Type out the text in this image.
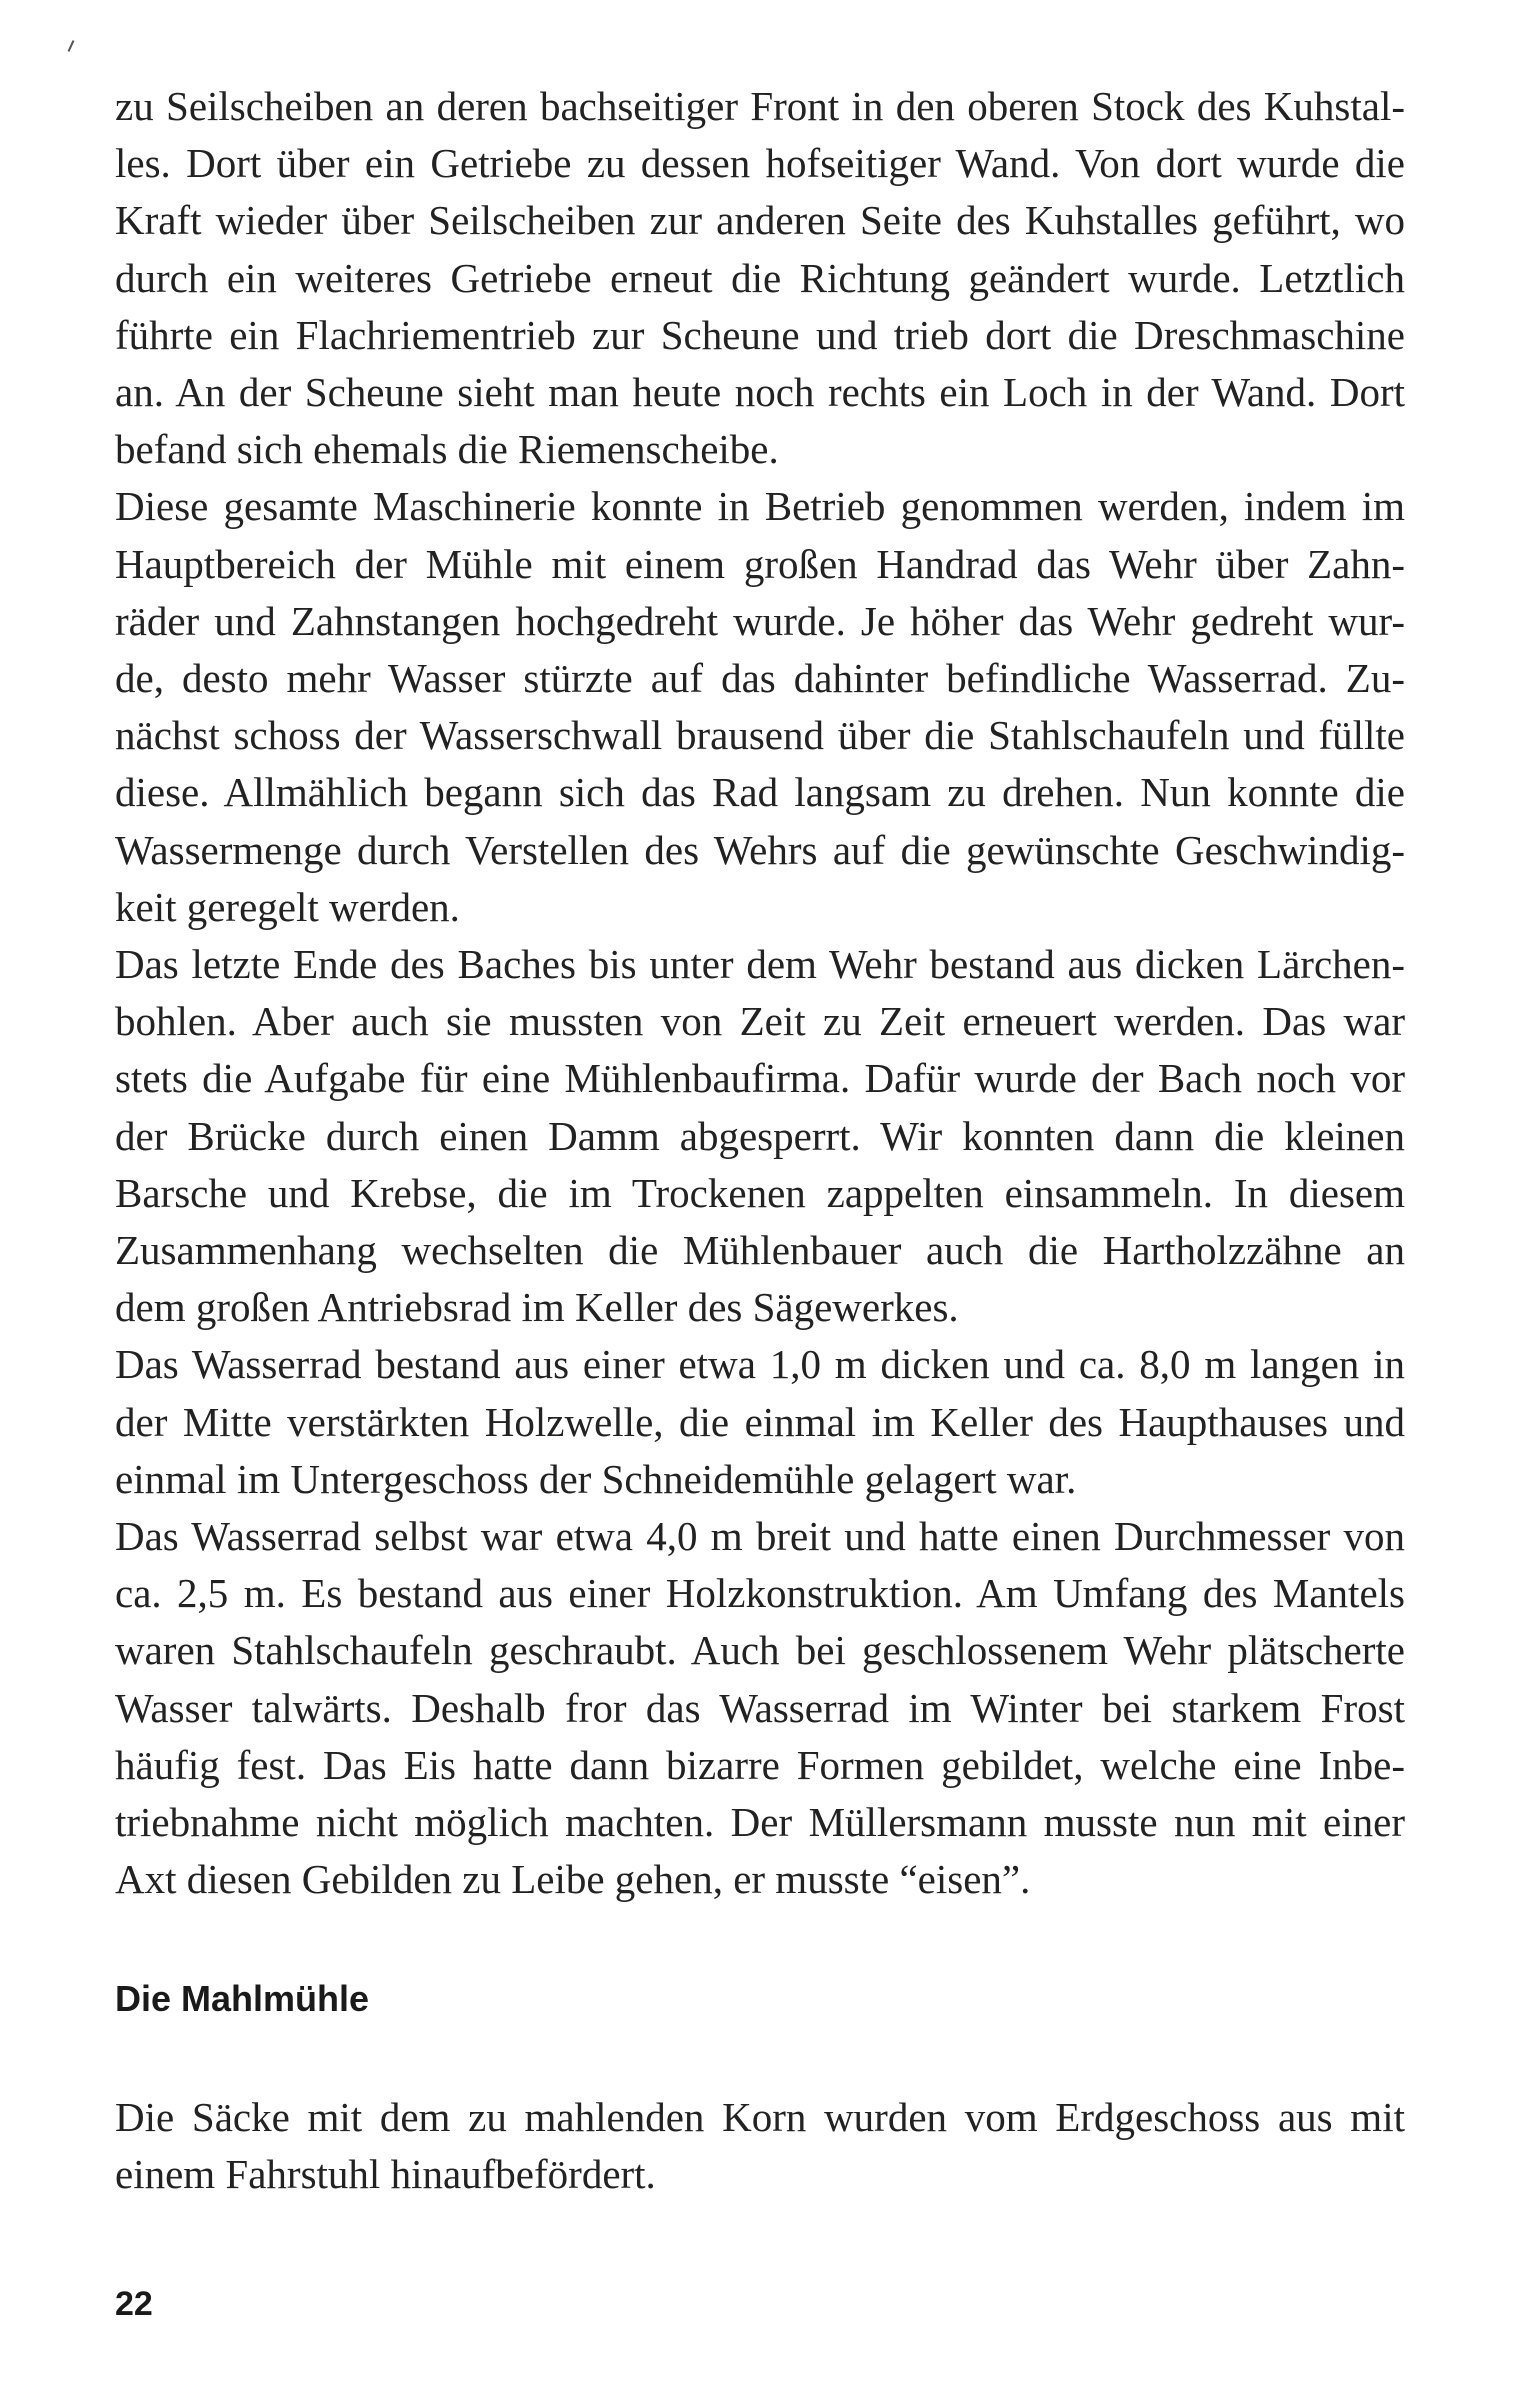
zu Seilscheiben an deren bachseitiger Front in den oberen Stock des Kuhstal-
les. Dort über ein Getriebe zu dessen hofseitiger Wand. Von dort wurde die
Kraft wieder über Seilscheiben zur anderen Seite des Kuhstalles geführt, wo
durch ein weiteres Getriebe erneut die Richtung geändert wurde. Letztlich
führte ein Flachriementrieb zur Scheune und trieb dort die Dreschmaschine
an. An der Scheune sieht man heute noch rechts ein Loch in der Wand. Dort
befand sich ehemals die Riemenscheibe.
Diese gesamte Maschinerie konnte in Betrieb genommen werden, indem im
Hauptbereich der Mühle mit einem großen Handrad das Wehr über Zahn-
räder und Zahnstangen hochgedreht wurde. Je höher das Wehr gedreht wur-
de, desto mehr Wasser stürzte auf das dahinter befindliche Wasserrad. Zu-
nächst schoss der Wasserschwall brausend über die Stahlschaufeln und füllte
diese. Allmählich begann sich das Rad langsam zu drehen. Nun konnte die
Wassermenge durch Verstellen des Wehrs auf die gewünschte Geschwindig-
keit geregelt werden.
Das letzte Ende des Baches bis unter dem Wehr bestand aus dicken Lärchen-
bohlen. Aber auch sie mussten von Zeit zu Zeit erneuert werden. Das war
stets die Aufgabe für eine Mühlenbaufirma. Dafür wurde der Bach noch vor
der Brücke durch einen Damm abgesperrt. Wir konnten dann die kleinen
Barsche und Krebse, die im Trockenen zappelten einsammeln. In diesem
Zusammenhang wechselten die Mühlenbauer auch die Hartholzzähne an
dem großen Antriebsrad im Keller des Sägewerkes.
Das Wasserrad bestand aus einer etwa 1,0 m dicken und ca. 8,0 m langen in
der Mitte verstärkten Holzwelle, die einmal im Keller des Haupthauses und
einmal im Untergeschoss der Schneidemühle gelagert war.
Das Wasserrad selbst war etwa 4,0 m breit und hatte einen Durchmesser von
ca. 2,5 m. Es bestand aus einer Holzkonstruktion. Am Umfang des Mantels
waren Stahlschaufeln geschraubt. Auch bei geschlossenem Wehr plätscherte
Wasser talwärts. Deshalb fror das Wasserrad im Winter bei starkem Frost
häufig fest. Das Eis hatte dann bizarre Formen gebildet, welche eine Inbe-
triebnahme nicht möglich machten. Der Müllersmann musste nun mit einer
Axt diesen Gebilden zu Leibe gehen, er musste “eisen”.
Die Mahlmühle
Die Säcke mit dem zu mahlenden Korn wurden vom Erdgeschoss aus mit
einem Fahrstuhl hinaufbefördert.
22
